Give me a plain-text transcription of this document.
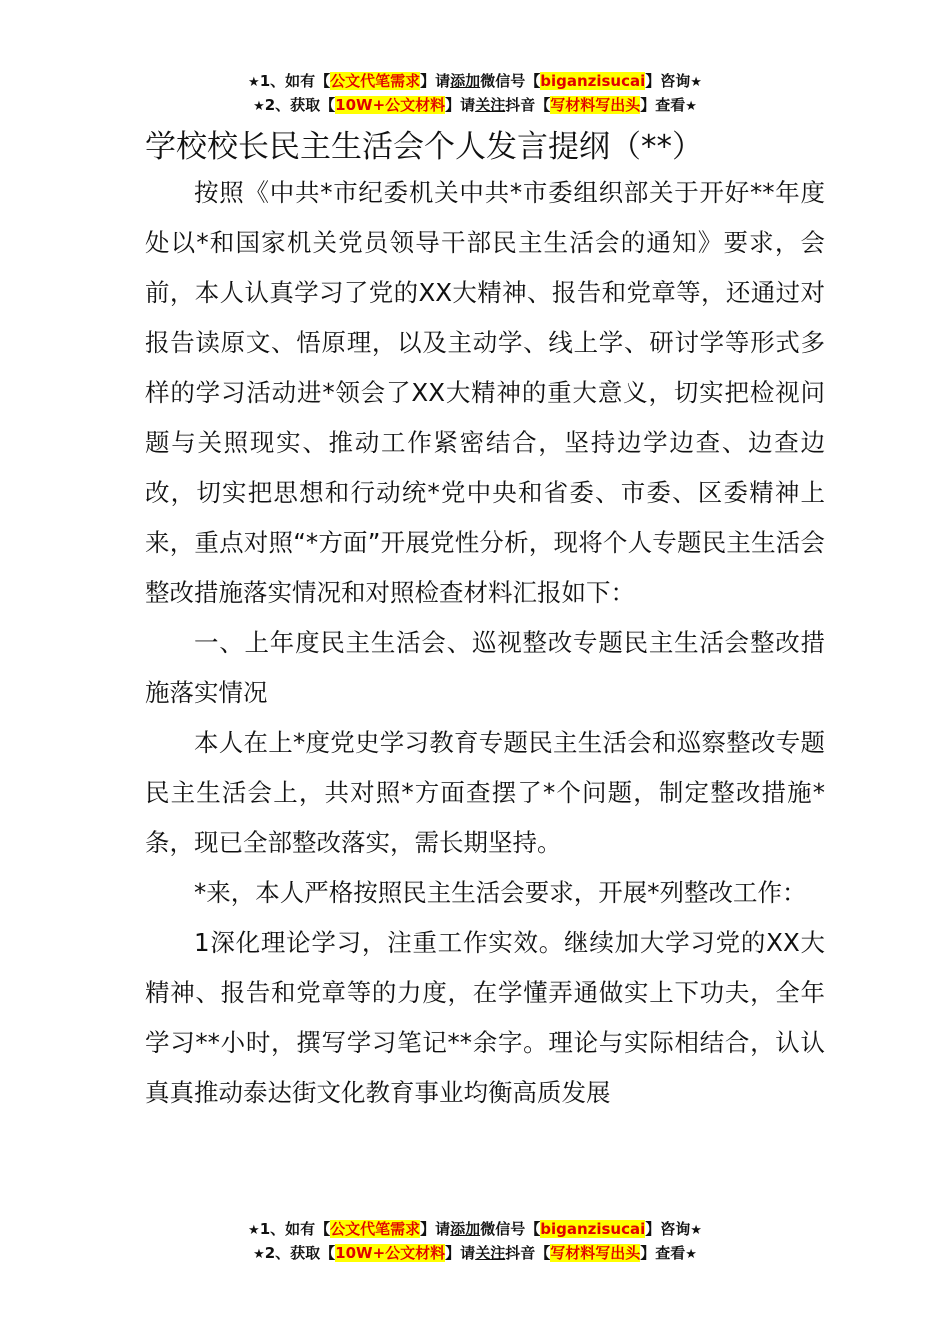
★1、如有【公文代笔需求】请添加微信号【biganzisucai】咨询★
★2、获取【10W+公文材料】请关注抖音【写材料写出头】查看★
学校校长民主生活会个人发言提纲（**）

按照《中共*市纪委机关中共*市委组织部关于开好**年度处以*和国家机关党员领导干部民主生活会的通知》要求，会前，本人认真学习了党的XX大精神、报告和党章等，还通过对报告读原文、悟原理，以及主动学、线上学、研讨学等形式多样的学习活动进*领会了XX大精神的重大意义，切实把检视问题与关照现实、推动工作紧密结合，坚持边学边查、边查边改，切实把思想和行动统*党中央和省委、市委、区委精神上来，重点对照“*方面”开展党性分析，现将个人专题民主生活会整改措施落实情况和对照检查材料汇报如下：

一、上年度民主生活会、巡视整改专题民主生活会整改措施落实情况

本人在上*度党史学习教育专题民主生活会和巡察整改专题民主生活会上，共对照*方面查摆了*个问题，制定整改措施*条，现已全部整改落实，需长期坚持。

*来，本人严格按照民主生活会要求，开展*列整改工作：

1深化理论学习，注重工作实效。继续加大学习党的XX大精神、报告和党章等的力度，在学懂弄通做实上下功夫，全年学习**小时，撰写学习笔记**余字。理论与实际相结合，认认真真推动泰达街文化教育事业均衡高质发展

★1、如有【公文代笔需求】请添加微信号【biganzisucai】咨询★
★2、获取【10W+公文材料】请关注抖音【写材料写出头】查看★
